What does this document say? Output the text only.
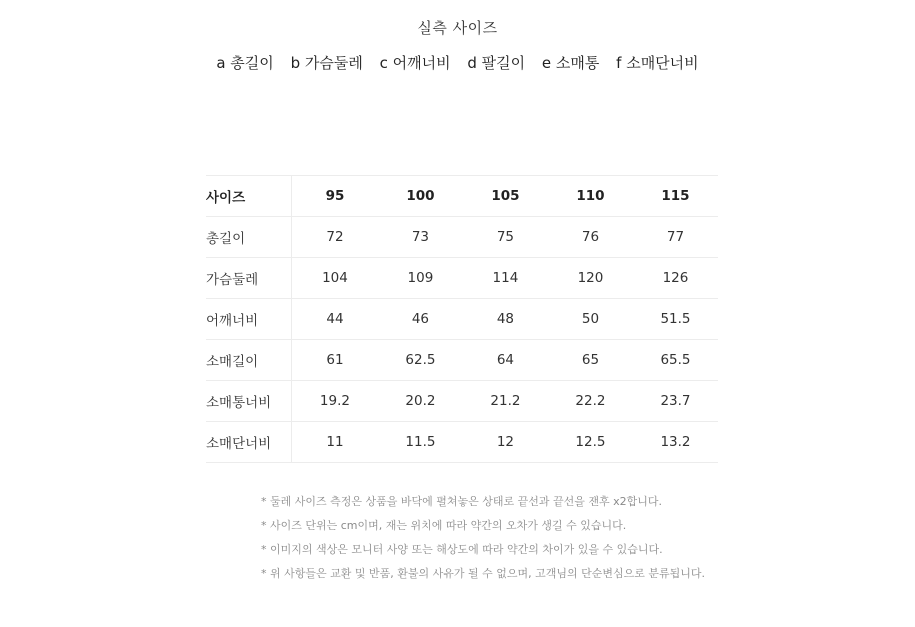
실측 사이즈
a 총길이 b 가슴둘레 c 어깨너비 d 팔길이 e 소매통 f 소매단너비
사이즈	95	100	105	110	115
총길이	72	73	75	76	77
가슴둘레	104	109	114	120	126
어깨너비	44	46	48	50	51.5
소매길이	61	62.5	64	65	65.5
소매통너비	19.2	20.2	21.2	22.2	23.7
소매단너비	11	11.5	12	12.5	13.2
* 둘레 사이즈 측정은 상품을 바닥에 펼쳐놓은 상태로 끝선과 끝선을 잰후 x2합니다.
* 사이즈 단위는 cm이며, 재는 위치에 따라 약간의 오차가 생길 수 있습니다.
* 이미지의 색상은 모니터 사양 또는 해상도에 따라 약간의 차이가 있을 수 있습니다.
* 위 사항들은 교환 및 반품, 환불의 사유가 될 수 없으며, 고객님의 단순변심으로 분류됩니다.
